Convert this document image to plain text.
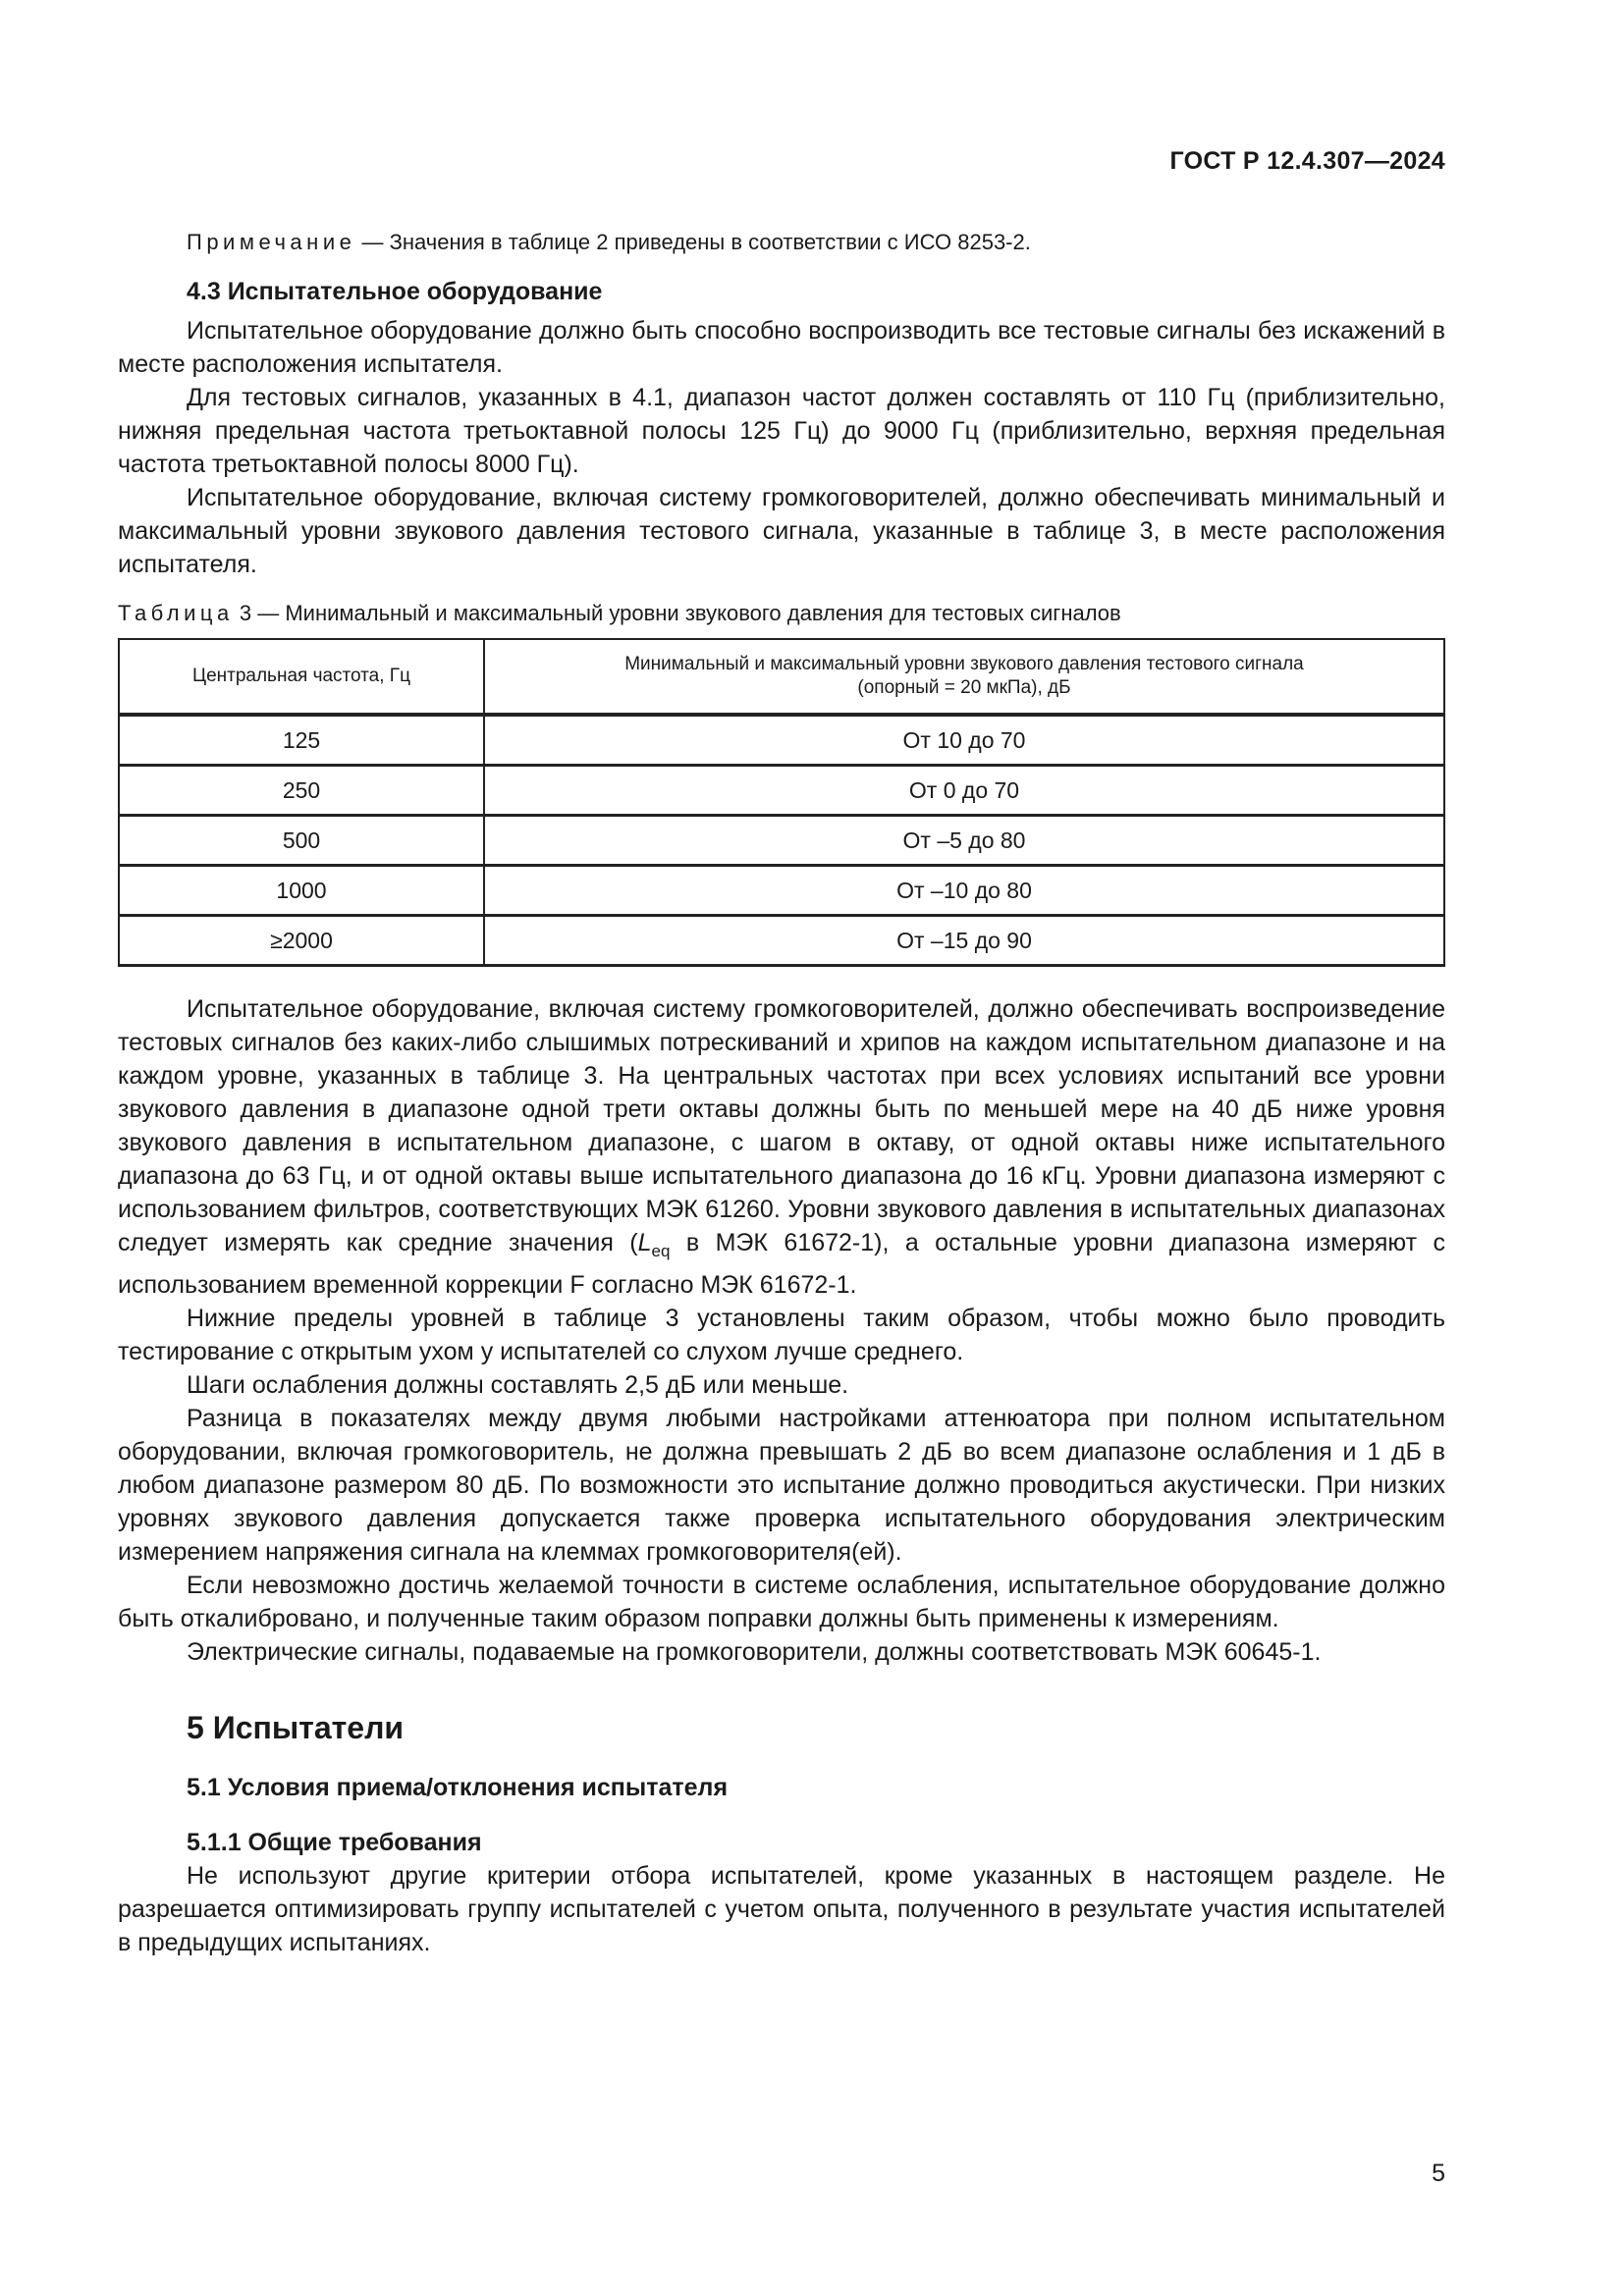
ГОСТ Р 12.4.307—2024

Примечание — Значения в таблице 2 приведены в соответствии с ИСО 8253-2.

4.3 Испытательное оборудование

Испытательное оборудование должно быть способно воспроизводить все тестовые сигналы без искажений в месте расположения испытателя.

Для тестовых сигналов, указанных в 4.1, диапазон частот должен составлять от 110 Гц (приблизительно, нижняя предельная частота третьоктавной полосы 125 Гц) до 9000 Гц (приблизительно, верхняя предельная частота третьоктавной полосы 8000 Гц).

Испытательное оборудование, включая систему громкоговорителей, должно обеспечивать минимальный и максимальный уровни звукового давления тестового сигнала, указанные в таблице 3, в месте расположения испытателя.

Таблица 3 — Минимальный и максимальный уровни звукового давления для тестовых сигналов
Центральная частота, Гц	Минимальный и максимальный уровни звукового давления тестового сигнала
(опорный = 20 мкПа), дБ

125	От 10 до 70
250	От 0 до 70
500	От –5 до 80
1000	От –10 до 80
≥2000	От –15 до 90

Испытательное оборудование, включая систему громкоговорителей, должно обеспечивать воспроизведение тестовых сигналов без каких-либо слышимых потрескиваний и хрипов на каждом испытательном диапазоне и на каждом уровне, указанных в таблице 3. На центральных частотах при всех условиях испытаний все уровни звукового давления в диапазоне одной трети октавы должны быть по меньшей мере на 40 дБ ниже уровня звукового давления в испытательном диапазоне, с шагом в октаву, от одной октавы ниже испытательного диапазона до 63 Гц, и от одной октавы выше испытательного диапазона до 16 кГц. Уровни диапазона измеряют с использованием фильтров, соответствующих МЭК 61260. Уровни звукового давления в испытательных диапазонах следует измерять как средние значения ($L_{eq}$ в МЭК 61672-1), а остальные уровни диапазона измеряют с использованием временной коррекции F согласно МЭК 61672-1.

Нижние пределы уровней в таблице 3 установлены таким образом, чтобы можно было проводить тестирование с открытым ухом у испытателей со слухом лучше среднего.

Шаги ослабления должны составлять 2,5 дБ или меньше.

Разница в показателях между двумя любыми настройками аттенюатора при полном испытательном оборудовании, включая громкоговоритель, не должна превышать 2 дБ во всем диапазоне ослабления и 1 дБ в любом диапазоне размером 80 дБ. По возможности это испытание должно проводиться акустически. При низких уровнях звукового давления допускается также проверка испытательного оборудования электрическим измерением напряжения сигнала на клеммах громкоговорителя(ей).

Если невозможно достичь желаемой точности в системе ослабления, испытательное оборудование должно быть откалибровано, и полученные таким образом поправки должны быть применены к измерениям.

Электрические сигналы, подаваемые на громкоговорители, должны соответствовать МЭК 60645-1.

5 Испытатели
5.1 Условия приема/отклонения испытателя
5.1.1 Общие требования

Не используют другие критерии отбора испытателей, кроме указанных в настоящем разделе. Не разрешается оптимизировать группу испытателей с учетом опыта, полученного в результате участия испытателей в предыдущих испытаниях.

5
